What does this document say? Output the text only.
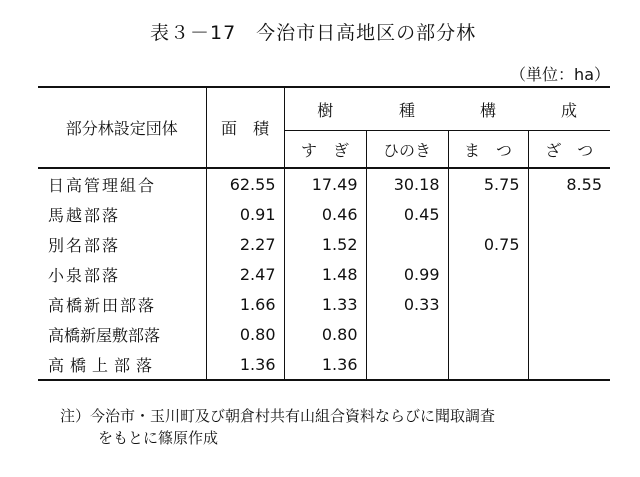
表３－17　今治市日高地区の部分林
（単位：ha）
部分林設定団体	面　積	樹	種	構	成
		す　ぎ	ひのき	ま　つ	ざ　つ
日高管理組合	62.55	17.49	30.18	5.75	8.55
馬越部落	0.91	0.46	0.45		
別名部落	2.27	1.52		0.75	
小泉部落	2.47	1.48	0.99		
高橋新田部落	1.66	1.33	0.33		
高橋新屋敷部落	0.80	0.80			
高橋上部落	1.36	1.36			
注）今治市・玉川町及び朝倉村共有山組合資料ならびに聞取調査
をもとに篠原作成
